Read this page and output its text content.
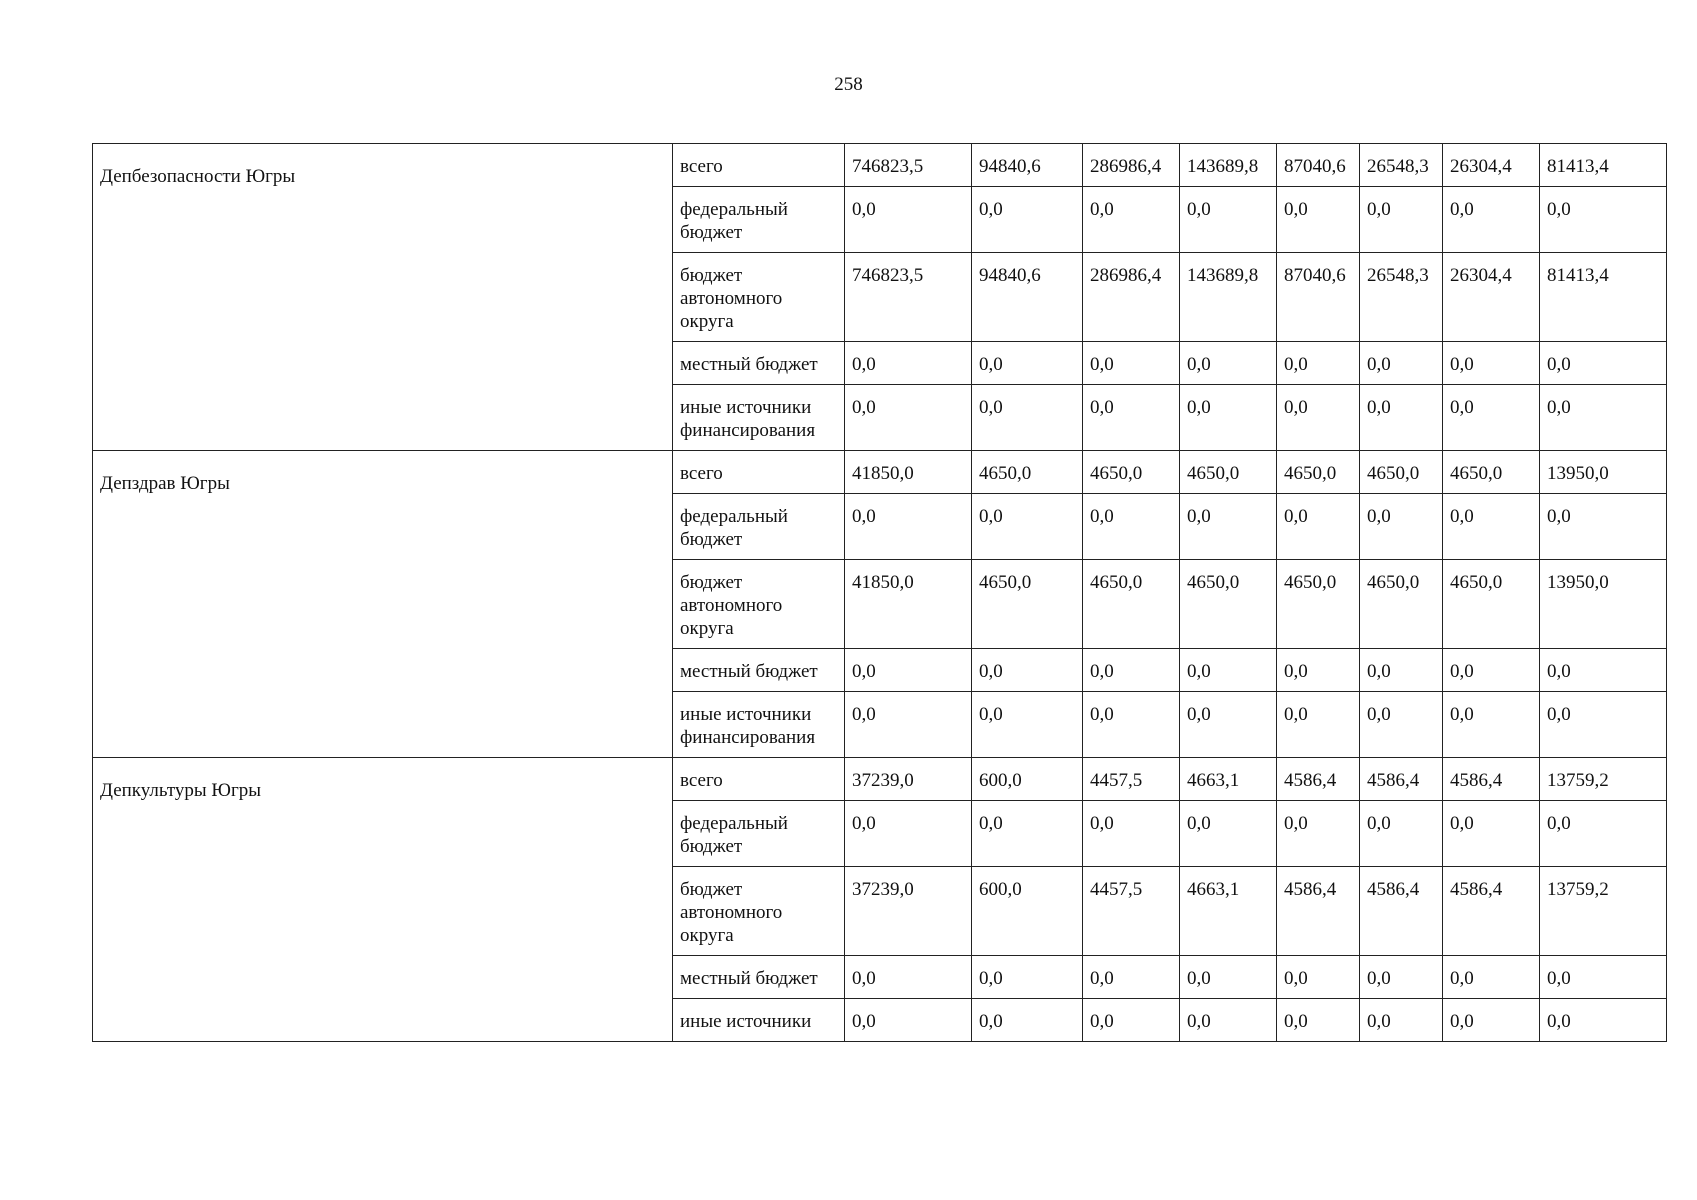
258
Депбезопасности Югры	всего	746823,5	94840,6	286986,4	143689,8	87040,6	26548,3	26304,4	81413,4
	федеральный бюджет	0,0	0,0	0,0	0,0	0,0	0,0	0,0	0,0
	бюджет автономного округа	746823,5	94840,6	286986,4	143689,8	87040,6	26548,3	26304,4	81413,4
	местный бюджет	0,0	0,0	0,0	0,0	0,0	0,0	0,0	0,0
	иные источники финансирования	0,0	0,0	0,0	0,0	0,0	0,0	0,0	0,0
Депздрав Югры	всего	41850,0	4650,0	4650,0	4650,0	4650,0	4650,0	4650,0	13950,0
	федеральный бюджет	0,0	0,0	0,0	0,0	0,0	0,0	0,0	0,0
	бюджет автономного округа	41850,0	4650,0	4650,0	4650,0	4650,0	4650,0	4650,0	13950,0
	местный бюджет	0,0	0,0	0,0	0,0	0,0	0,0	0,0	0,0
	иные источники финансирования	0,0	0,0	0,0	0,0	0,0	0,0	0,0	0,0
Депкультуры Югры	всего	37239,0	600,0	4457,5	4663,1	4586,4	4586,4	4586,4	13759,2
	федеральный бюджет	0,0	0,0	0,0	0,0	0,0	0,0	0,0	0,0
	бюджет автономного округа	37239,0	600,0	4457,5	4663,1	4586,4	4586,4	4586,4	13759,2
	местный бюджет	0,0	0,0	0,0	0,0	0,0	0,0	0,0	0,0
	иные источники	0,0	0,0	0,0	0,0	0,0	0,0	0,0	0,0
